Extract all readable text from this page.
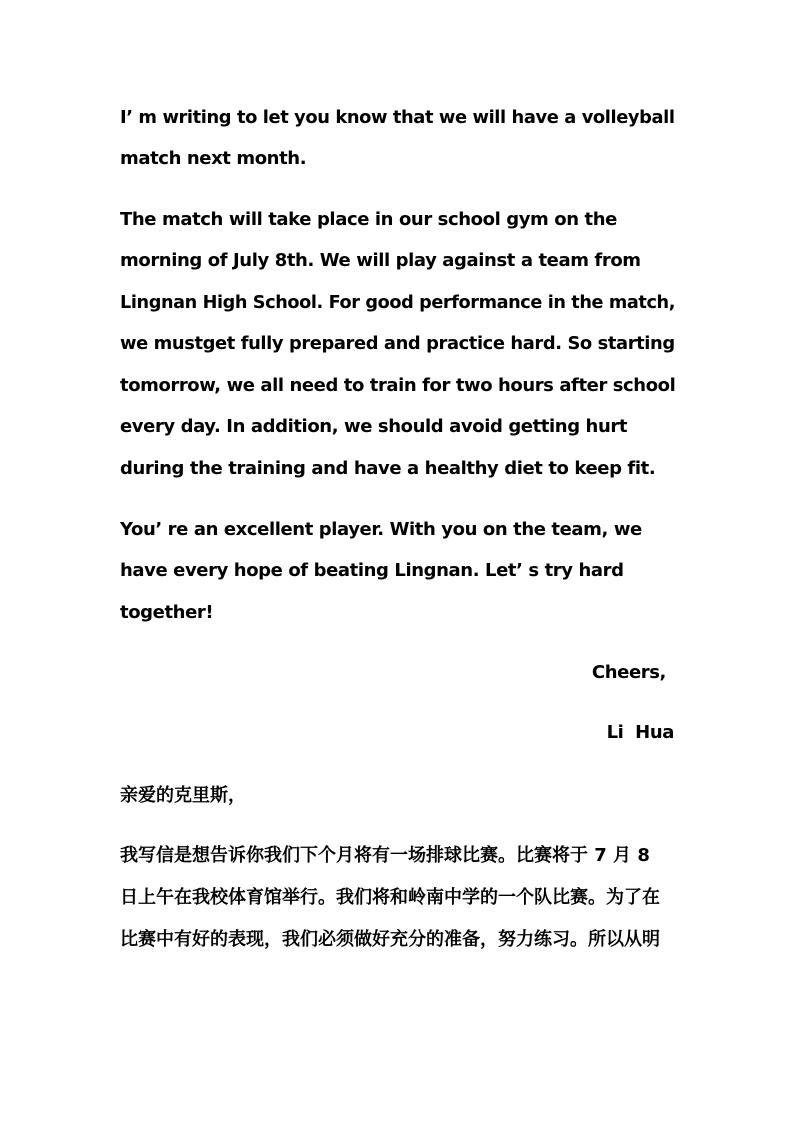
I’ m writing to let you know that we will have a volleyball
match next month.
The match will take place in our school gym on the
morning of July 8th. We will play against a team from
Lingnan High School. For good performance in the match,
we mustget fully prepared and practice hard. So starting
tomorrow, we all need to train for two hours after school
every day. In addition, we should avoid getting hurt
during the training and have a healthy diet to keep fit.
You’ re an excellent player. With you on the team, we
have every hope of beating Lingnan. Let’ s try hard
together!
Cheers,
Li  Hua
亲爱的克里斯，
我写信是想告诉你我们下个月将有一场排球比赛。比赛将于 7 月 8
日上午在我校体育馆举行。我们将和岭南中学的一个队比赛。为了在
比赛中有好的表现，我们必须做好充分的准备，努力练习。所以从明
